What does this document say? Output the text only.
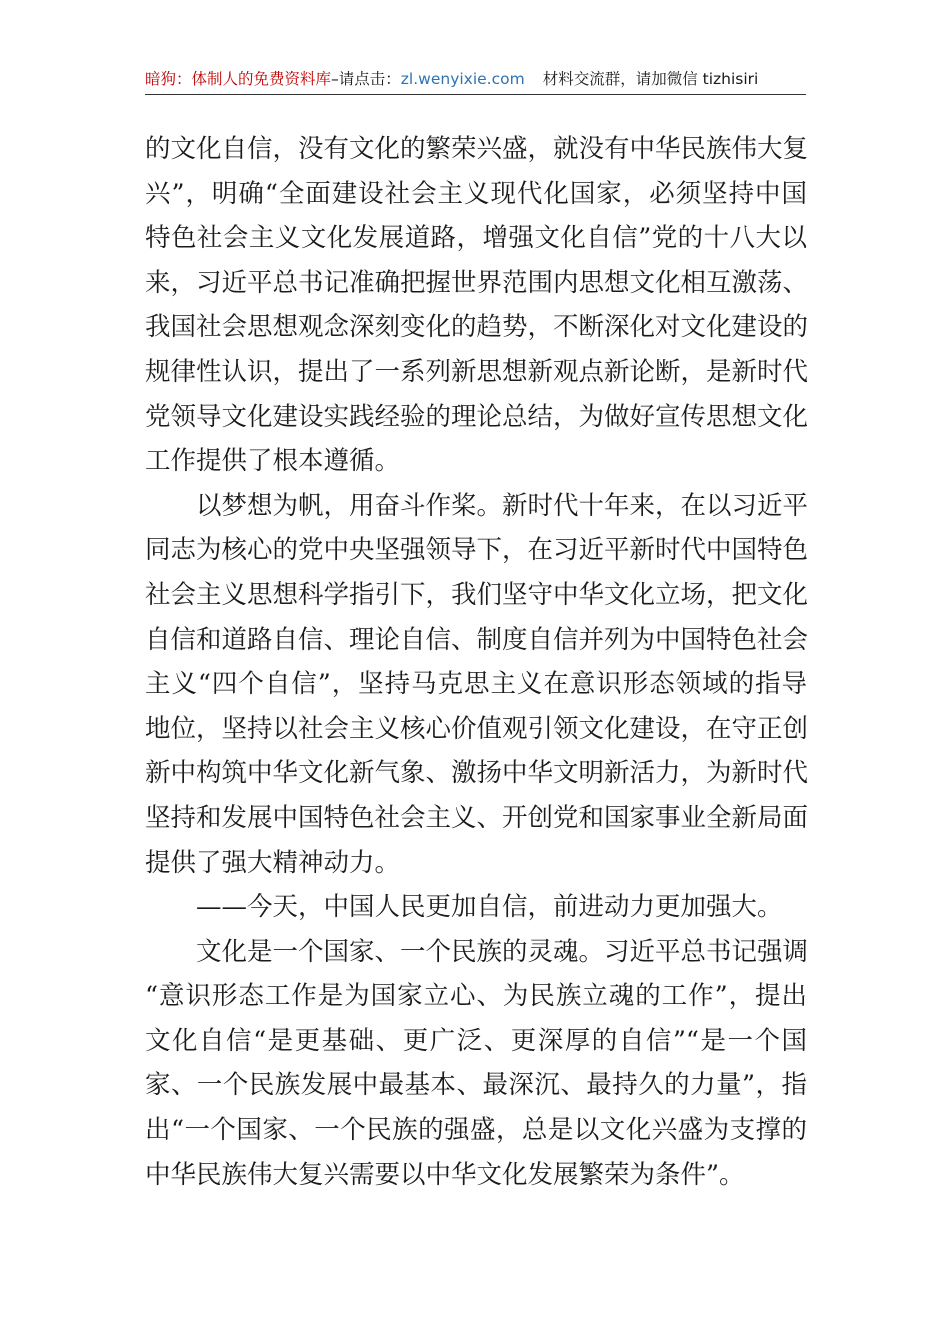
暗狗：体制人的免费资料库–请点击：zl.wenyixie.com 材料交流群，请加微信 tizhisiri
的文化自信，没有文化的繁荣兴盛，就没有中华民族伟大复
兴”，明确“全面建设社会主义现代化国家，必须坚持中国
特色社会主义文化发展道路，增强文化自信”党的十八大以
来，习近平总书记准确把握世界范围内思想文化相互激荡、
我国社会思想观念深刻变化的趋势，不断深化对文化建设的
规律性认识，提出了一系列新思想新观点新论断，是新时代
党领导文化建设实践经验的理论总结，为做好宣传思想文化
工作提供了根本遵循。
以梦想为帆，用奋斗作桨。新时代十年来，在以习近平
同志为核心的党中央坚强领导下，在习近平新时代中国特色
社会主义思想科学指引下，我们坚守中华文化立场，把文化
自信和道路自信、理论自信、制度自信并列为中国特色社会
主义“四个自信”，坚持马克思主义在意识形态领域的指导
地位，坚持以社会主义核心价值观引领文化建设，在守正创
新中构筑中华文化新气象、激扬中华文明新活力，为新时代
坚持和发展中国特色社会主义、开创党和国家事业全新局面
提供了强大精神动力。
——今天，中国人民更加自信，前进动力更加强大。
文化是一个国家、一个民族的灵魂。习近平总书记强调
“意识形态工作是为国家立心、为民族立魂的工作”，提出
文化自信“是更基础、更广泛、更深厚的自信”“是一个国
家、一个民族发展中最基本、最深沉、最持久的力量”，指
出“一个国家、一个民族的强盛，总是以文化兴盛为支撑的
中华民族伟大复兴需要以中华文化发展繁荣为条件”。
